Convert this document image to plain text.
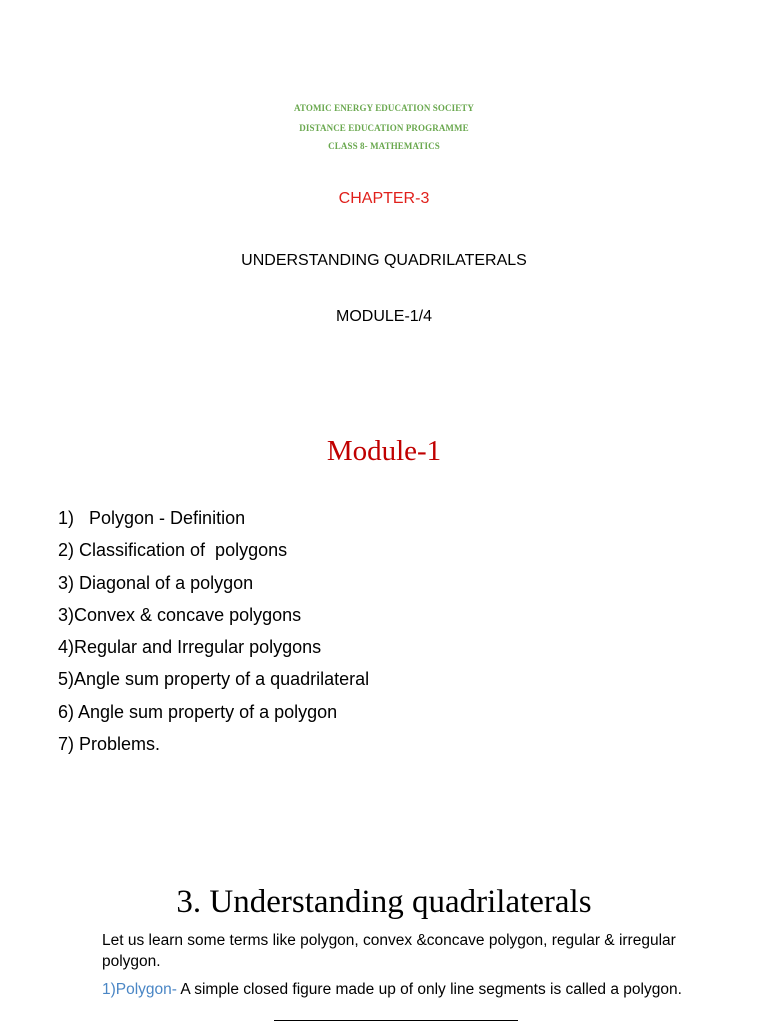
ATOMIC ENERGY EDUCATION SOCIETY
DISTANCE EDUCATION PROGRAMME
CLASS 8- MATHEMATICS
CHAPTER-3
UNDERSTANDING QUADRILATERALS
MODULE-1/4
Module-1
1)   Polygon - Definition
2) Classification of  polygons
3) Diagonal of a polygon
3)Convex & concave polygons
4)Regular and Irregular polygons
5)Angle sum property of a quadrilateral
6) Angle sum property of a polygon
7) Problems.
3. Understanding quadrilaterals
Let us learn some terms like polygon, convex &concave polygon, regular & irregular polygon.
1)Polygon- A simple closed figure made up of only line segments is called a polygon.
